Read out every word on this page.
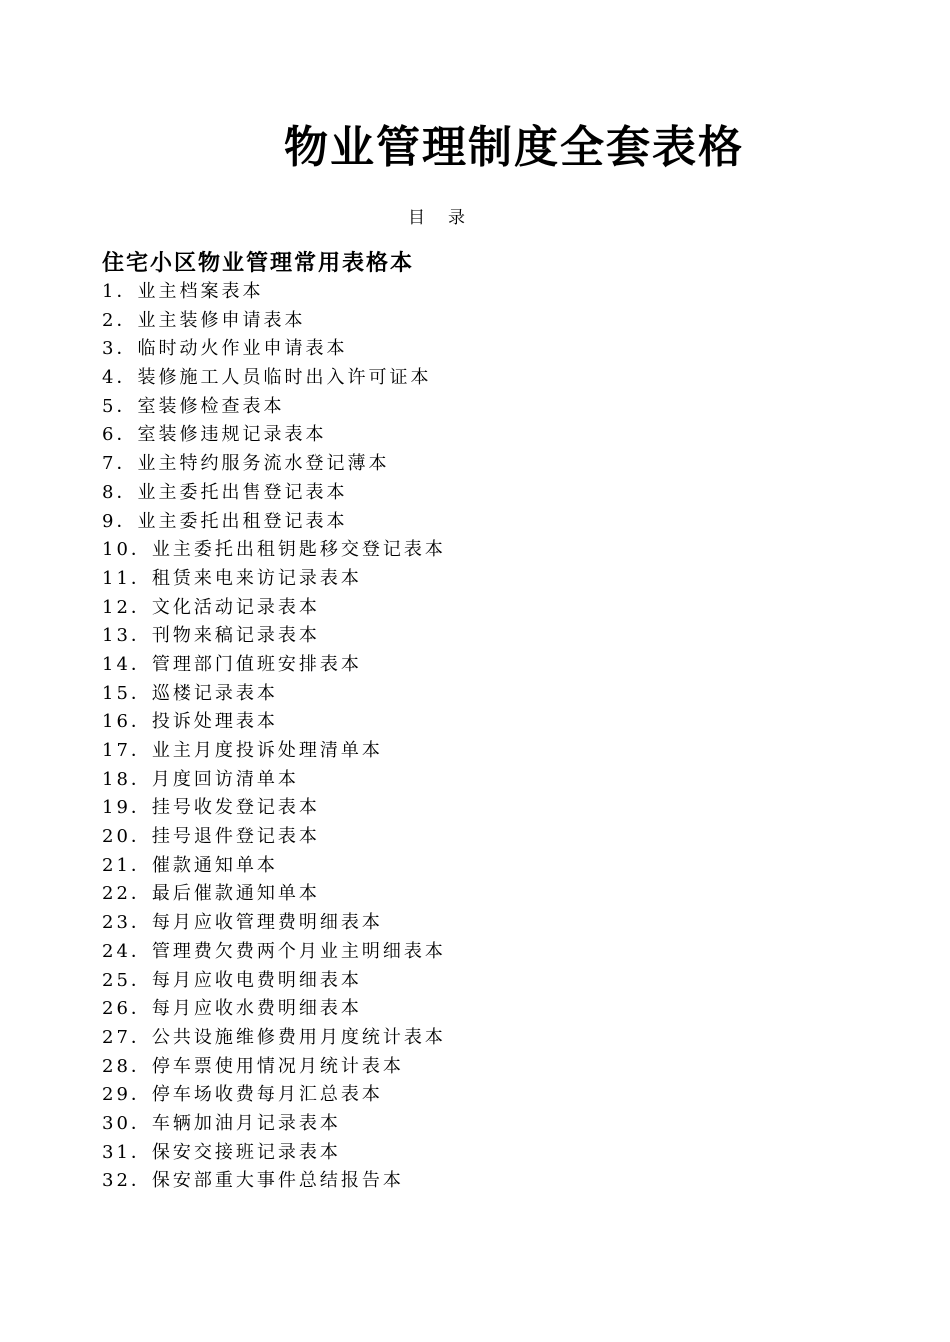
物业管理制度全套表格
目 录
住宅小区物业管理常用表格本
1．业主档案表本
2．业主装修申请表本
3．临时动火作业申请表本
4．装修施工人员临时出入许可证本
5．室装修检查表本
6．室装修违规记录表本
7．业主特约服务流水登记薄本
8．业主委托出售登记表本
9．业主委托出租登记表本
10．业主委托出租钥匙移交登记表本
11．租赁来电来访记录表本
12．文化活动记录表本
13．刊物来稿记录表本
14．管理部门值班安排表本
15．巡楼记录表本
16．投诉处理表本
17．业主月度投诉处理清单本
18．月度回访清单本
19．挂号收发登记表本
20．挂号退件登记表本
21．催款通知单本
22．最后催款通知单本
23．每月应收管理费明细表本
24．管理费欠费两个月业主明细表本
25．每月应收电费明细表本
26．每月应收水费明细表本
27．公共设施维修费用月度统计表本
28．停车票使用情况月统计表本
29．停车场收费每月汇总表本
30．车辆加油月记录表本
31．保安交接班记录表本
32．保安部重大事件总结报告本
